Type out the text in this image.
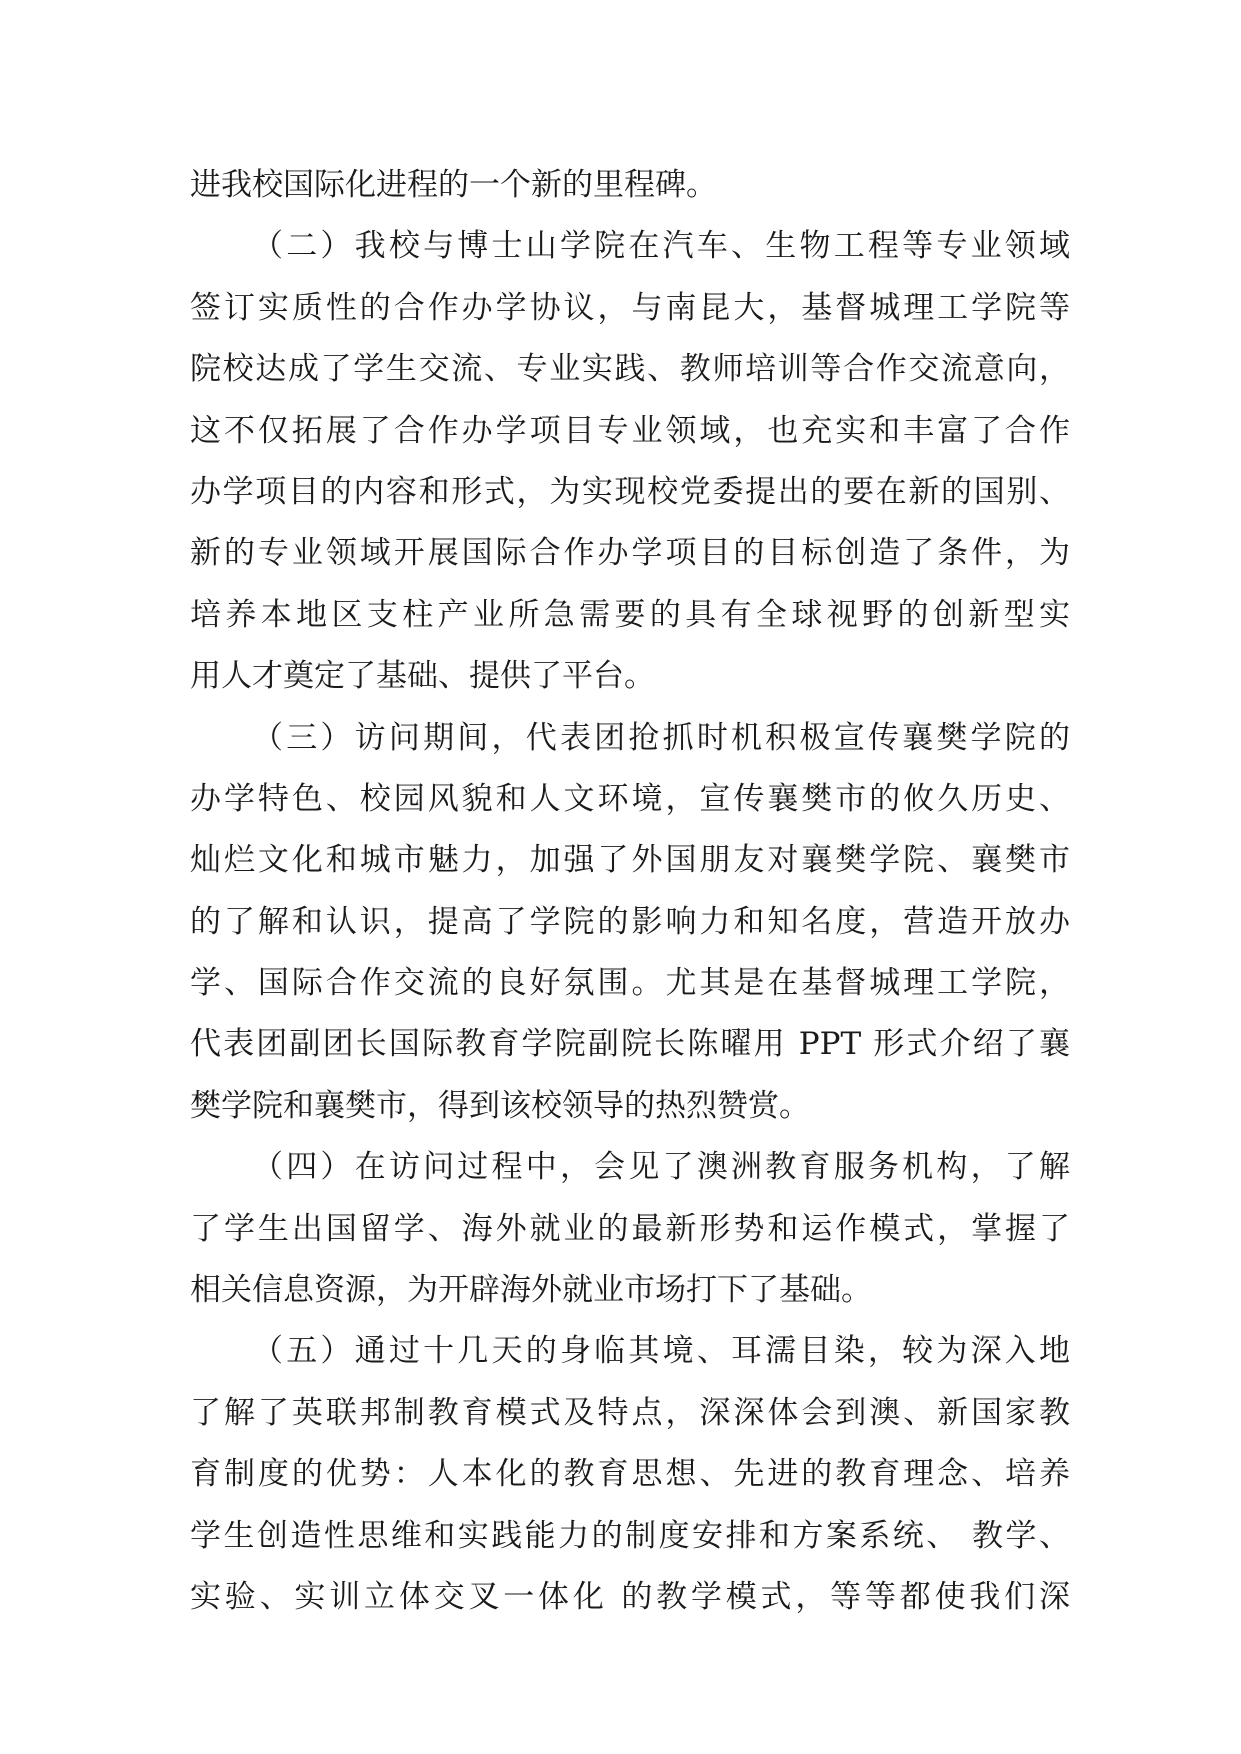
进我校国际化进程的一个新的里程碑。
（二）我校与博士山学院在汽车、生物工程等专业领域
签订实质性的合作办学协议，与南昆大，基督城理工学院等
院校达成了学生交流、专业实践、教师培训等合作交流意向，
这不仅拓展了合作办学项目专业领域，也充实和丰富了合作
办学项目的内容和形式，为实现校党委提出的要在新的国别、
新的专业领域开展国际合作办学项目的目标创造了条件，为
培养本地区支柱产业所急需要的具有全球视野的创新型实
用人才奠定了基础、提供了平台。
（三）访问期间，代表团抢抓时机积极宣传襄樊学院的
办学特色、校园风貌和人文环境，宣传襄樊市的攸久历史、
灿烂文化和城市魅力，加强了外国朋友对襄樊学院、襄樊市
的了解和认识，提高了学院的影响力和知名度，营造开放办
学、国际合作交流的良好氛围。尤其是在基督城理工学院，
代表团副团长国际教育学院副院长陈曜用 PPT 形式介绍了襄
樊学院和襄樊市，得到该校领导的热烈赞赏。
（四）在访问过程中，会见了澳洲教育服务机构，了解
了学生出国留学、海外就业的最新形势和运作模式，掌握了
相关信息资源，为开辟海外就业市场打下了基础。
（五）通过十几天的身临其境、耳濡目染，较为深入地
了解了英联邦制教育模式及特点，深深体会到澳、新国家教
育制度的优势：人本化的教育思想、先进的教育理念、培养
学生创造性思维和实践能力的制度安排和方案系统、 教学、
实验、实训立体交叉一体化 的教学模式，等等都使我们深
